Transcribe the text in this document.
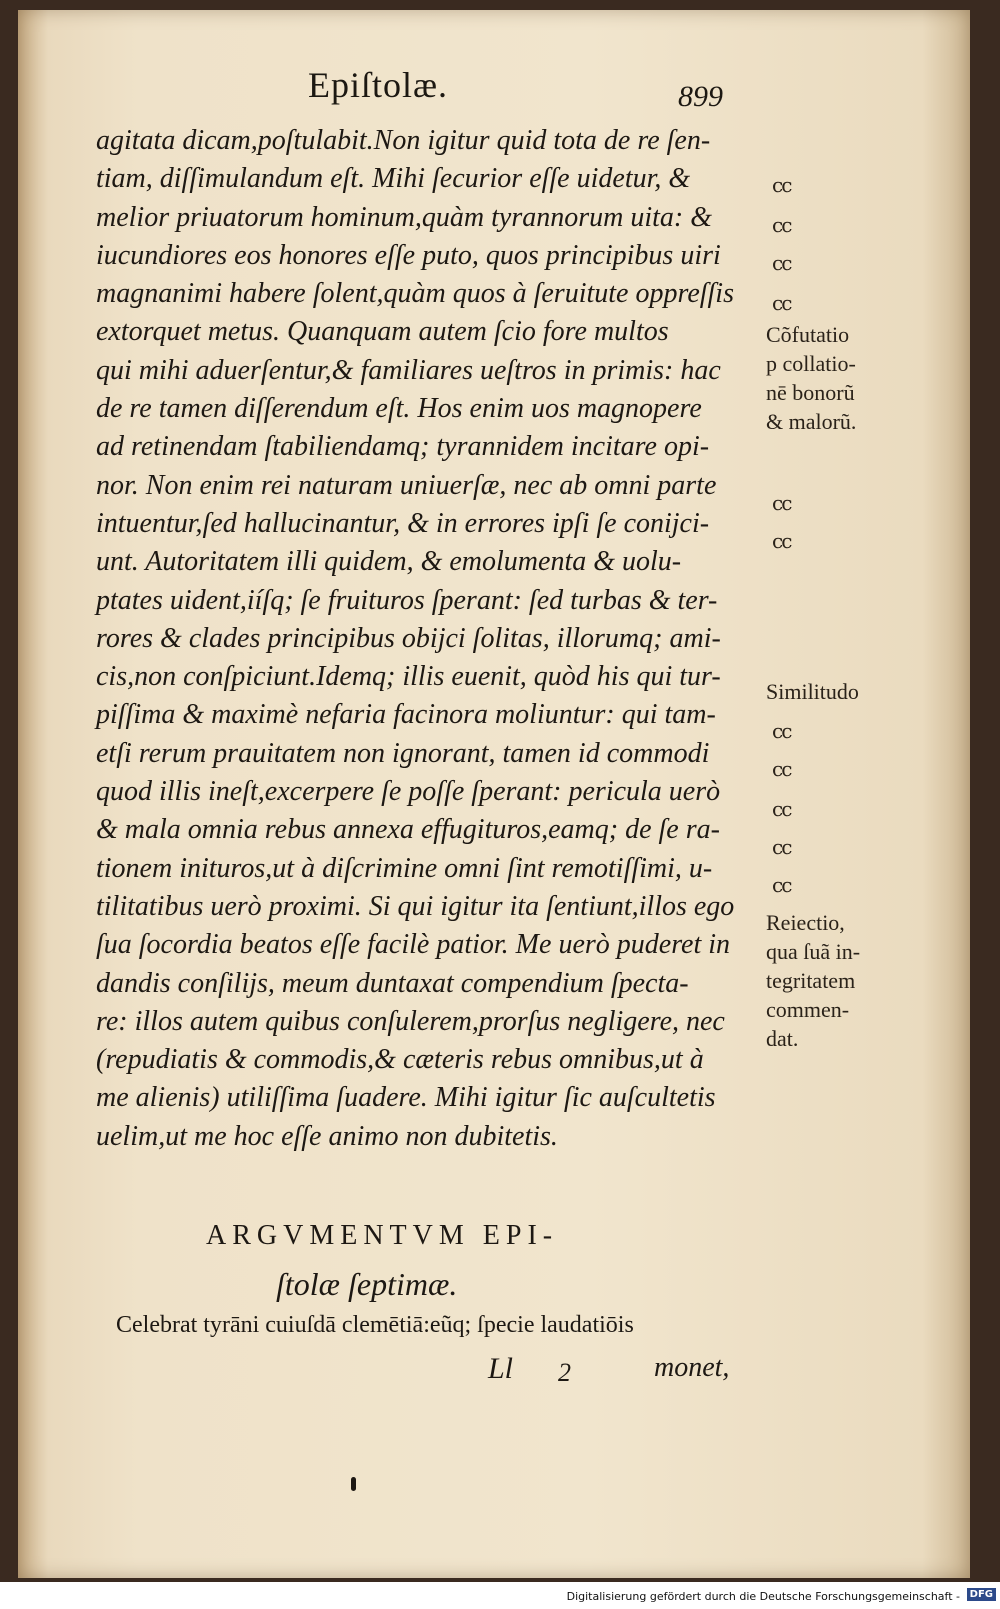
Epiſtolæ.	899
agitata dicam,poſtulabit.Non igitur quid tota de re ſen-
tiam, diſſimulandum eſt. Mihi ſecurior eſſe uidetur, &
melior priuatorum hominum,quàm tyrannorum uita: &
iucundiores eos honores eſſe puto, quos principibus uiri
magnanimi habere ſolent,quàm quos à ſeruitute oppreſſis
extorquet metus. Quanquam autem ſcio fore multos
qui mihi aduerſentur,& familiares ueſtros in primis: hac
de re tamen diſſerendum eſt. Hos enim uos magnopere
ad retinendam ſtabiliendamq; tyrannidem incitare opi-
nor. Non enim rei naturam uniuerſæ, nec ab omni parte
intuentur,ſed hallucinantur, & in errores ipſi ſe conijci-
unt. Autoritatem illi quidem, & emolumenta & uolu-
ptates uident,iíſq; ſe fruituros ſperant: ſed turbas & ter-
rores & clades principibus obijci ſolitas, illorumq; ami-
cis,non conſpiciunt.Idemq; illis euenit, quòd his qui tur-
piſſima & maximè nefaria facinora moliuntur: qui tam-
etſi rerum prauitatem non ignorant, tamen id commodi
quod illis ineſt,excerpere ſe poſſe ſperant: pericula uerò
& mala omnia rebus annexa effugituros,eamq; de ſe ra-
tionem inituros,ut à diſcrimine omni ſint remotiſſimi, u-
tilitatibus uerò proximi. Si qui igitur ita ſentiunt,illos ego
ſua ſocordia beatos eſſe facilè patior. Me uerò puderet in
dandis conſilijs, meum duntaxat compendium ſpecta-
re: illos autem quibus conſulerem,prorſus negligere, nec
(repudiatis & commodis,& cæteris rebus omnibus,ut à
me alienis) utiliſſima ſuadere. Mihi igitur ſic auſcultetis
uelim,ut me hoc eſſe animo non dubitetis.
cc
cc
cc
cc
cc
cc
cc
cc
cc
cc
cc
Cõfutatio
p collatio-
nē bonorũ
& malorũ.
Similitudo
Reiectio,
qua ſuã in-
tegritatem
commen-
dat.
ARGVMENTVM EPI-
ſtolæ ſeptimæ.
Celebrat tyrāni cuiuſdā clemētiā:eũq; ſpecie laudatiōis
Ll 2	monet,
Digitalisierung gefördert durch die Deutsche Forschungsgemeinschaft - DFG
